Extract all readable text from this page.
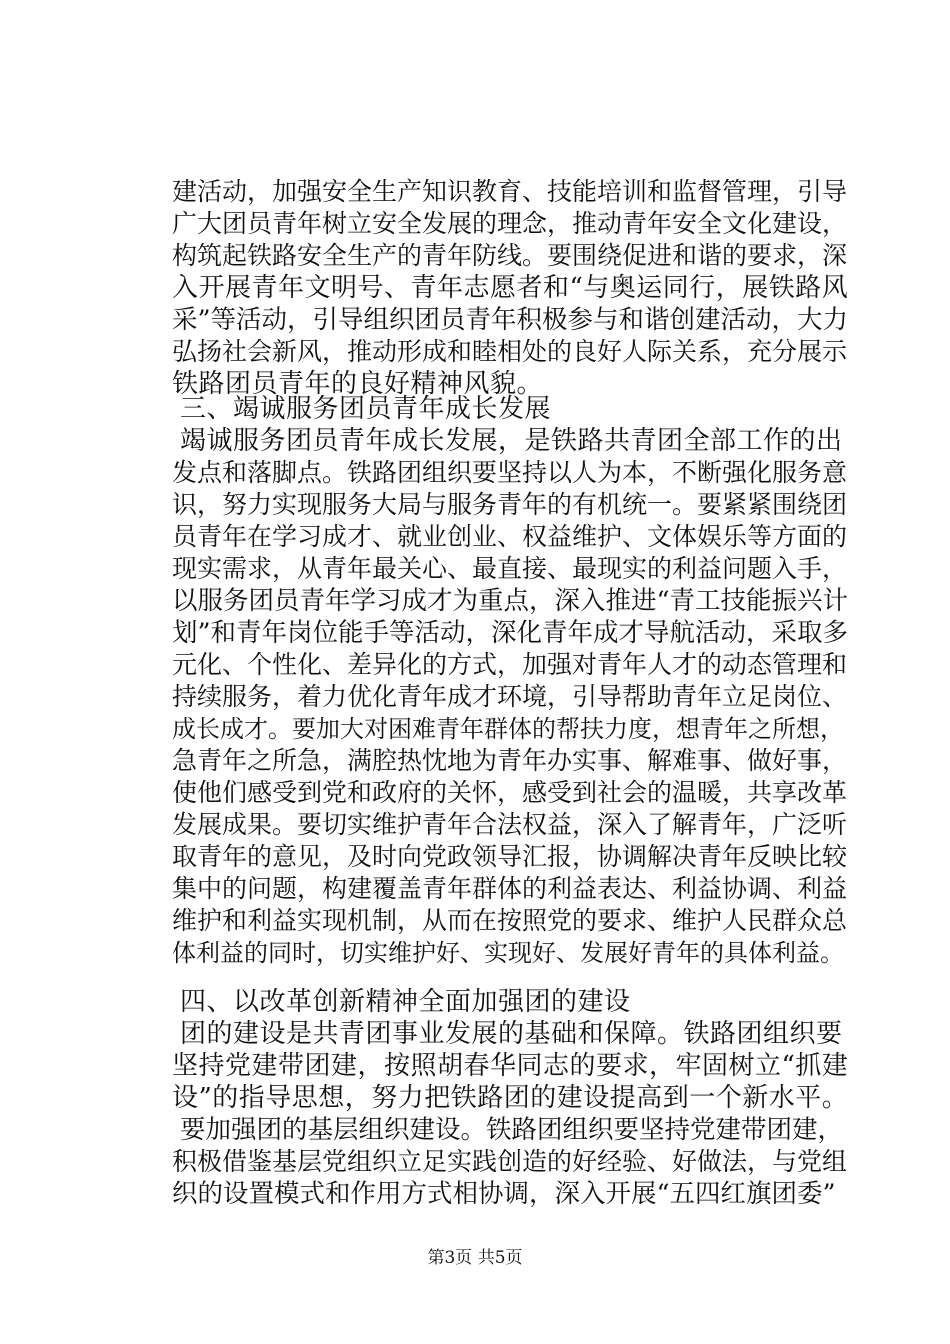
建活动，加强安全生产知识教育、技能培训和监督管理，引导
广大团员青年树立安全发展的理念，推动青年安全文化建设，
构筑起铁路安全生产的青年防线。要围绕促进和谐的要求，深
入开展青年文明号、青年志愿者和“与奥运同行，展铁路风
采”等活动，引导组织团员青年积极参与和谐创建活动，大力
弘扬社会新风，推动形成和睦相处的良好人际关系，充分展示
铁路团员青年的良好精神风貌。
三、竭诚服务团员青年成长发展
竭诚服务团员青年成长发展，是铁路共青团全部工作的出
发点和落脚点。铁路团组织要坚持以人为本，不断强化服务意
识，努力实现服务大局与服务青年的有机统一。要紧紧围绕团
员青年在学习成才、就业创业、权益维护、文体娱乐等方面的
现实需求，从青年最关心、最直接、最现实的利益问题入手，
以服务团员青年学习成才为重点，深入推进“青工技能振兴计
划”和青年岗位能手等活动，深化青年成才导航活动，采取多
元化、个性化、差异化的方式，加强对青年人才的动态管理和
持续服务，着力优化青年成才环境，引导帮助青年立足岗位、
成长成才。要加大对困难青年群体的帮扶力度，想青年之所想，
急青年之所急，满腔热忱地为青年办实事、解难事、做好事，
使他们感受到党和政府的关怀，感受到社会的温暖，共享改革
发展成果。要切实维护青年合法权益，深入了解青年，广泛听
取青年的意见，及时向党政领导汇报，协调解决青年反映比较
集中的问题，构建覆盖青年群体的利益表达、利益协调、利益
维护和利益实现机制，从而在按照党的要求、维护人民群众总
体利益的同时，切实维护好、实现好、发展好青年的具体利益。
四、以改革创新精神全面加强团的建设
团的建设是共青团事业发展的基础和保障。铁路团组织要
坚持党建带团建，按照胡春华同志的要求，牢固树立“抓建
设”的指导思想，努力把铁路团的建设提高到一个新水平。
要加强团的基层组织建设。铁路团组织要坚持党建带团建，
积极借鉴基层党组织立足实践创造的好经验、好做法，与党组
织的设置模式和作用方式相协调，深入开展“五四红旗团委”
第3页 共5页
